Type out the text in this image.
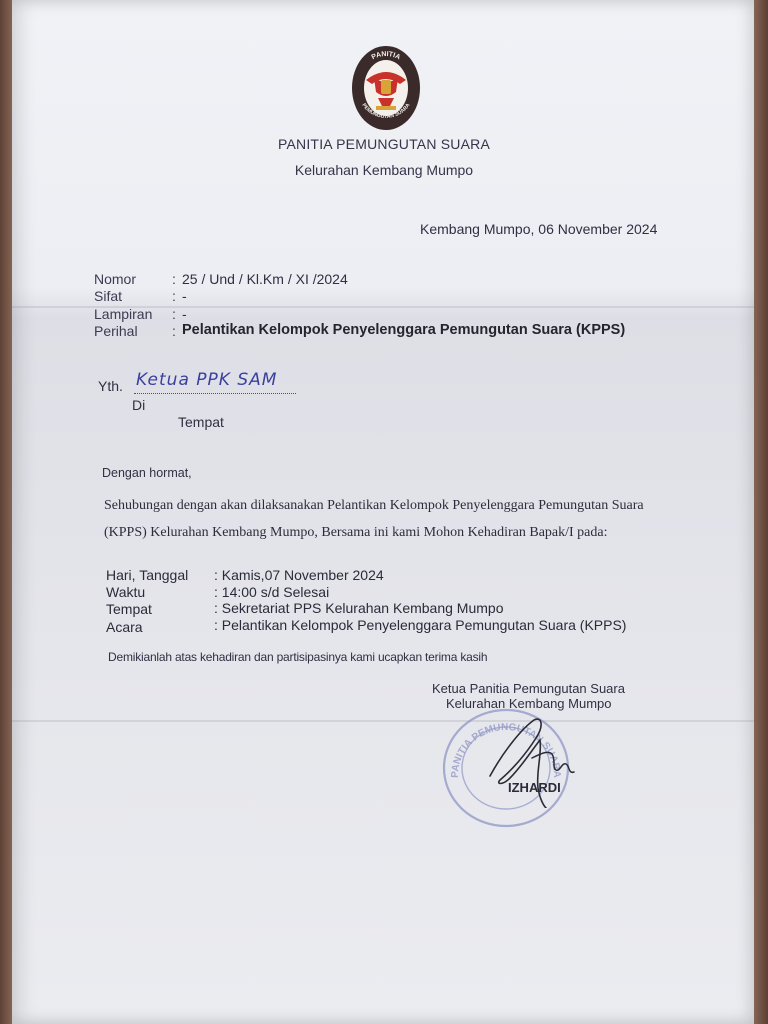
PANITIA
PEMUNGUTAN SUARA

PANITIA PEMUNGUTAN SUARA

Kelurahan Kembang Mumpo

Kembang Mumpo, 06 November 2024

Nomor	: 25 / Und / Kl.Km / XI /2024

Sifat	: -

Lampiran : -

Perihal : Pelantikan Kelompok Penyelenggara Pemungutan Suara (KPPS)

Yth. Ketua PPK SAM

Di

Tempat

Dengan hormat,

Sehubungan dengan akan dilaksanakan Pelantikan Kelompok Penyelenggara Pemungutan Suara

(KPPS) Kelurahan Kembang Mumpo, Bersama ini kami Mohon Kehadiran Bapak/I pada:

Hari, Tanggal : Kamis,07 November 2024

Waktu	: 14:00 s/d Selesai

Tempat	: Sekretariat PPS Kelurahan Kembang Mumpo

Acara	: Pelantikan Kelompok Penyelenggara Pemungutan Suara (KPPS)

Demikianlah atas kehadiran dan partisipasinya kami ucapkan terima kasih

Ketua Panitia Pemungutan Suara

Kelurahan Kembang Mumpo

PANITIA PEMUNGUTAN SUARA

IZHARDI
